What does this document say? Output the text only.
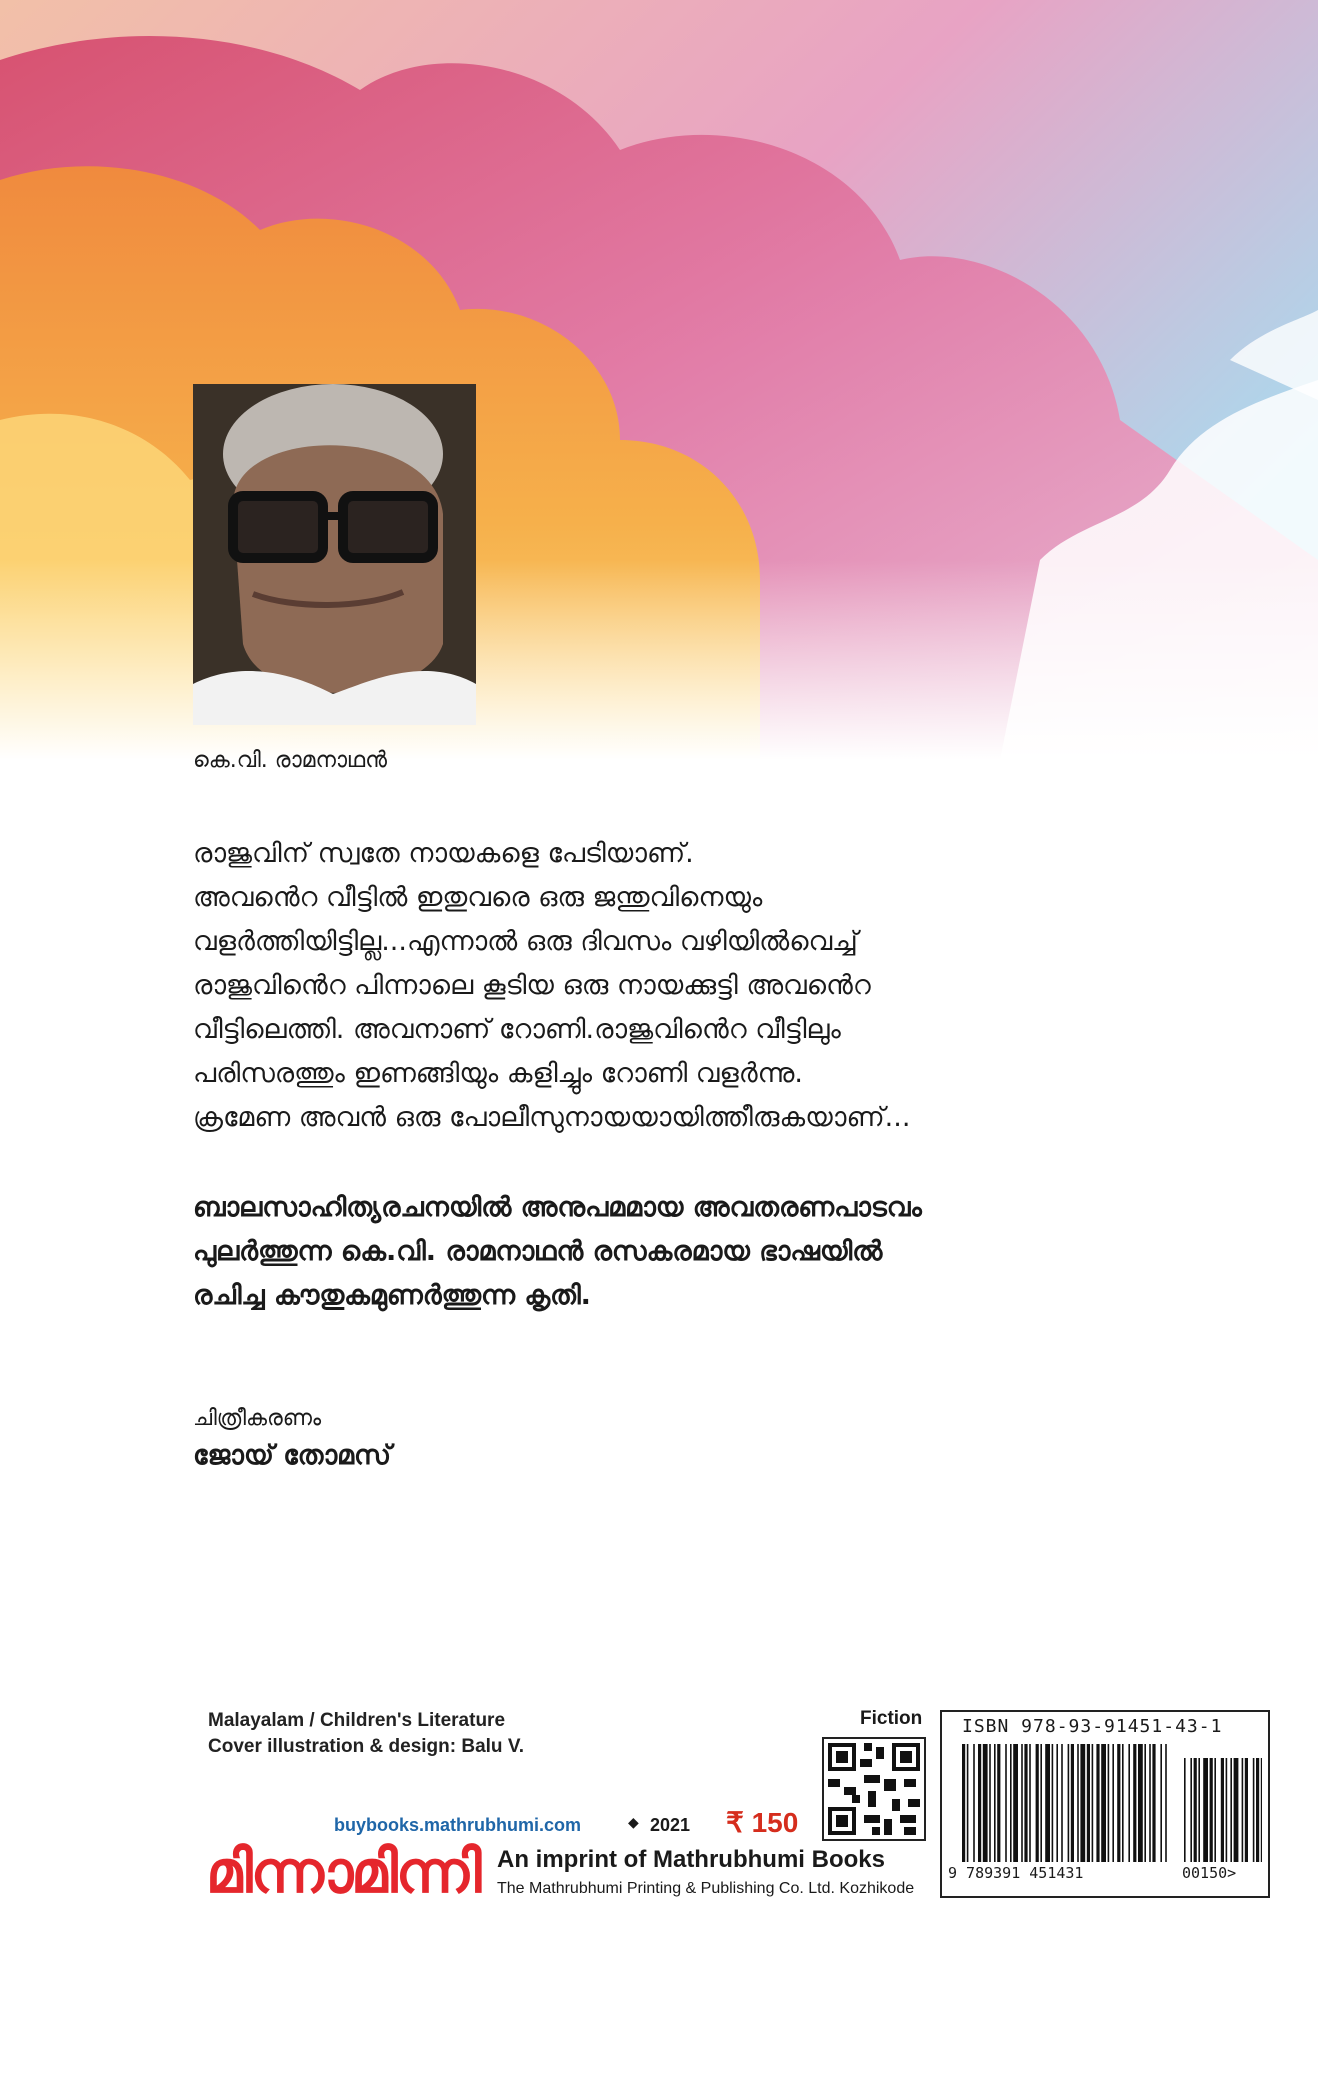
കെ.വി. രാമനാഥൻ

രാജുവിന് സ്വതേ നായകളെ പേടിയാണ്.

അവൻെറ വീട്ടിൽ ഇതുവരെ ഒരു ജന്തുവിനെയും

വളർത്തിയിട്ടില്ല...എന്നാൽ ഒരു ദിവസം വഴിയിൽവെച്ച്

രാജുവിൻെറ പിന്നാലെ കൂടിയ ഒരു നായക്കുട്ടി അവൻെറ

വീട്ടിലെത്തി. അവനാണ് റോണി.രാജുവിൻെറ വീട്ടിലും

പരിസരത്തും ഇണങ്ങിയും കളിച്ചും റോണി വളർന്നു.

ക്രമേണ അവൻ ഒരു പോലീസുനായയായിത്തീരുകയാണ്...

ബാലസാഹിത്യരചനയിൽ അനുപമമായ അവതരണപാടവം

പുലർത്തുന്ന കെ.വി. രാമനാഥൻ രസകരമായ ഭാഷയിൽ

രചിച്ച കൗതുകമുണർത്തുന്ന കൃതി.

ചിത്രീകരണം
ജോയ് തോമസ്
Malayalam / Children's Literature
Cover illustration & design: Balu V.
Fiction
buybooks.mathrubhumi.com	◆ 2021 ₹ 150
മിന്നാമിന്നി An imprint of Mathrubhumi Books
The Mathrubhumi Printing & Publishing Co. Ltd. Kozhikode
ISBN 978-93-91451-43-1
9 789391 451431	00150>
